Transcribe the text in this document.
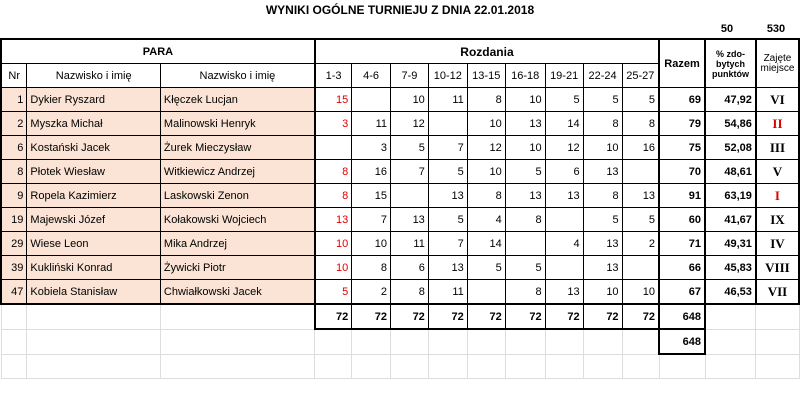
WYNIKI OGÓLNE TURNIEJU Z DNIA 22.01.2018
50	530
PARA			Rozdania									Razem	% zdo-bytych punktów	Zajęte miejsce
Nr	Nazwisko i imię	Nazwisko i imię	1-3	4-6	7-9	10-12	13-15	16-18	19-21	22-24	25-27			
1	Dykier Ryszard	Kłęczek Lucjan	15		10	11	8	10	5	5	5	69	47,92	VI
2	Myszka Michał	Malinowski Henryk	3	11	12		10	13	14	8	8	79	54,86	II
6	Kostański Jacek	Żurek Mieczysław		3	5	7	12	10	12	10	16	75	52,08	III
8	Płotek Wiesław	Witkiewicz Andrzej	8	16	7	5	10	5	6	13		70	48,61	V
9	Ropela Kazimierz	Laskowski Zenon	8	15		13	8	13	13	8	13	91	63,19	I
19	Majewski Józef	Kołakowski Wojciech	13	7	13	5	4	8		5	5	60	41,67	IX
29	Wiese Leon	Mika Andrzej	10	10	11	7	14		4	13	2	71	49,31	IV
39	Kukliński Konrad	Żywicki Piotr	10	8	6	13	5	5		13		66	45,83	VIII
47	Kobiela Stanisław	Chwiałkowski Jacek	5	2	8	11		8	13	10	10	67	46,53	VII
			72	72	72	72	72	72	72	72	72	648		
												648		
